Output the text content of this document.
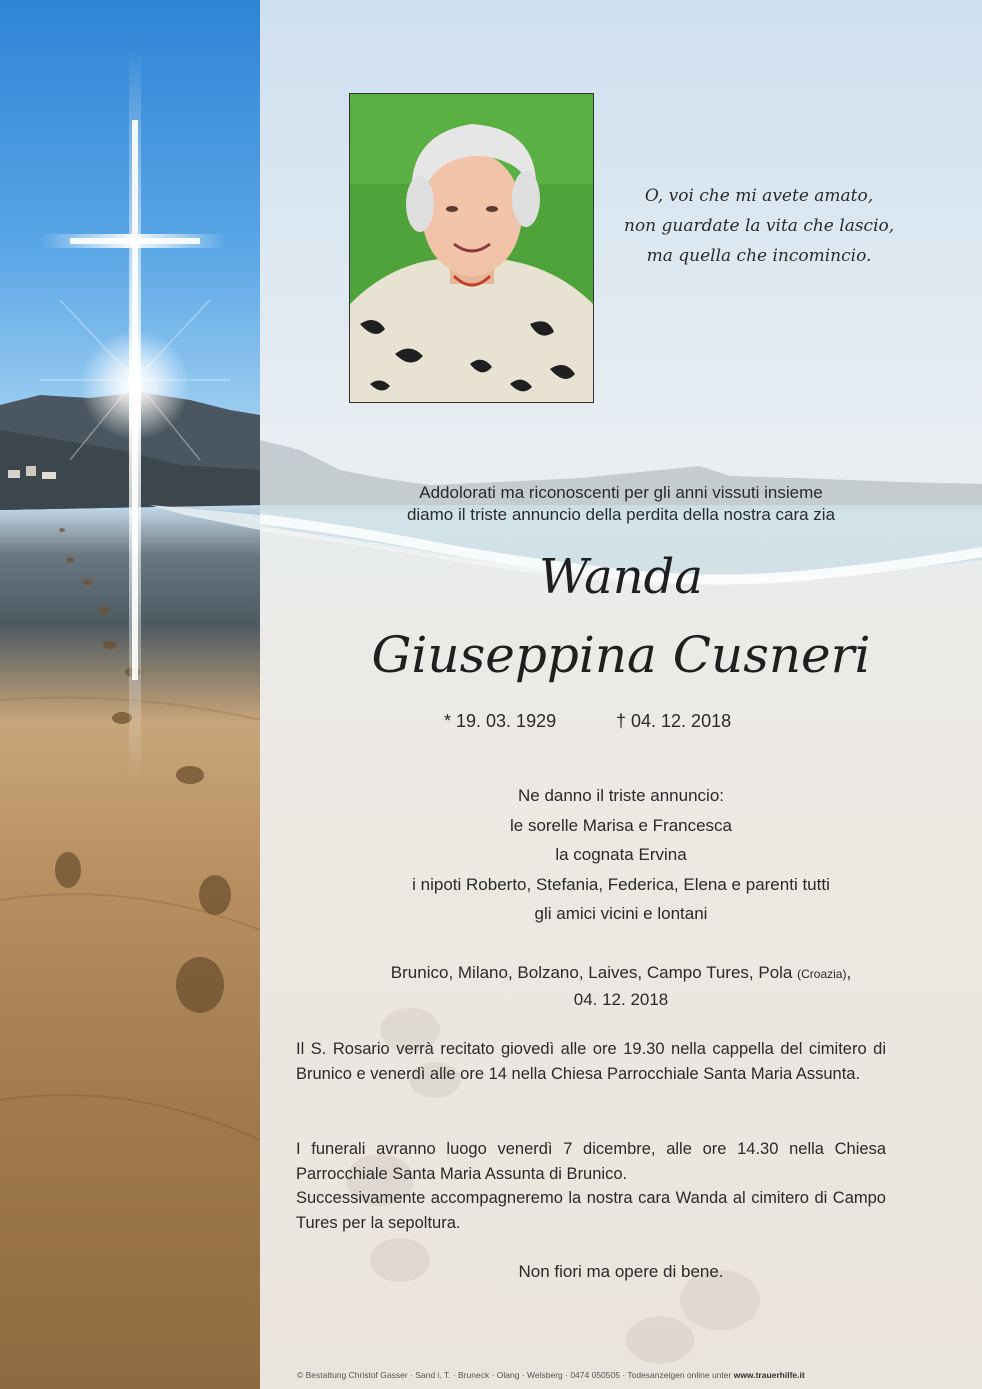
O, voi che mi avete amato,
non guardate la vita che lascio,
ma quella che incomincio.
Addolorati ma riconoscenti per gli anni vissuti insieme
diamo il triste annuncio della perdita della nostra cara zia
Wanda
Giuseppina Cusneri
* 19. 03. 1929	† 04. 12. 2018
Ne danno il triste annuncio:
le sorelle Marisa e Francesca
la cognata Ervina
i nipoti Roberto, Stefania, Federica, Elena e parenti tutti
gli amici vicini e lontani
Brunico, Milano, Bolzano, Laives, Campo Tures, Pola (Croazia),
04. 12. 2018
Il S. Rosario verrà recitato giovedì alle ore 19.30 nella cappella del cimitero di Brunico e venerdì alle ore 14 nella Chiesa Parrocchiale Santa Maria Assunta.
I funerali avranno luogo venerdì 7 dicembre, alle ore 14.30 nella Chiesa Parrocchiale Santa Maria Assunta di Brunico.
Successivamente accompagneremo la nostra cara Wanda al cimitero di Campo Tures per la sepoltura.
Non fiori ma opere di bene.
© Bestattung Christof Gasser · Sand i. T. · Bruneck · Olang · Welsberg · 0474 050505 · Todesanzeigen online unter www.trauerhilfe.it
